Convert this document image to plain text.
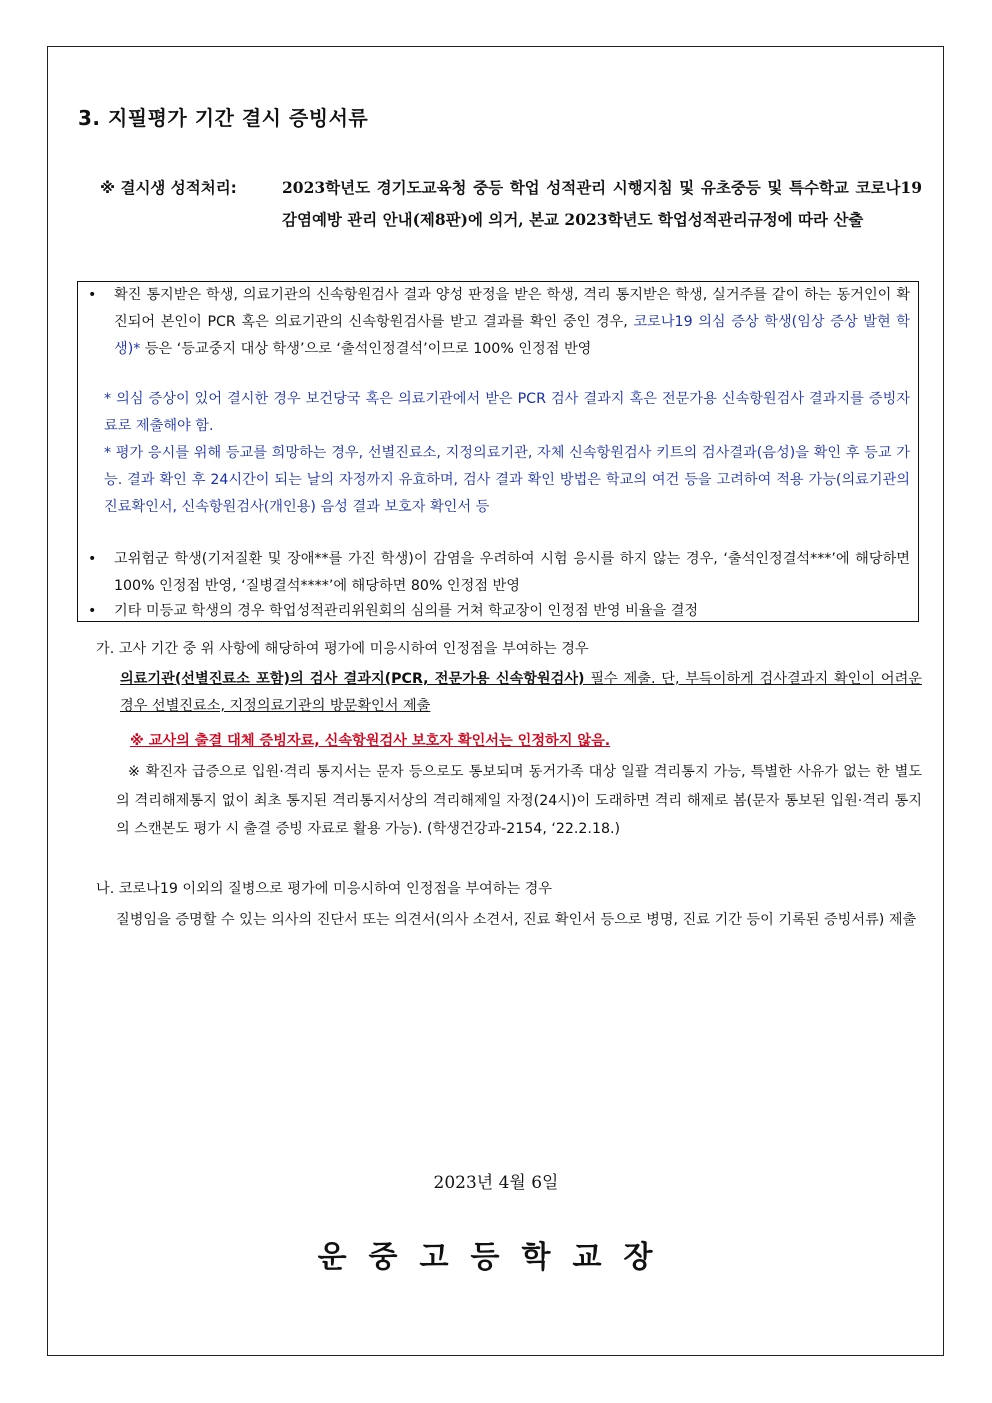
3. 지필평가 기간 결시 증빙서류
※ 결시생 성적처리:	2023학년도 경기도교육청 중등 학업 성적관리 시행지침 및 유초중등 및 특수학교 코로나19 감염예방 관리 안내(제8판)에 의거, 본교 2023학년도 학업성적관리규정에 따라 산출
• 확진 통지받은 학생, 의료기관의 신속항원검사 결과 양성 판정을 받은 학생, 격리 통지받은 학생, 실거주를 같이 하는 동거인이 확진되어 본인이 PCR 혹은 의료기관의 신속항원검사를 받고 결과를 확인 중인 경우, 코로나19 의심 증상 학생(임상 증상 발현 학생)* 등은 ‘등교중지 대상 학생’으로 ‘출석인정결석’이므로 100% 인정점 반영
* 의심 증상이 있어 결시한 경우 보건당국 혹은 의료기관에서 받은 PCR 검사 결과지 혹은 전문가용 신속항원검사 결과지를 증빙자료로 제출해야 함.
* 평가 응시를 위해 등교를 희망하는 경우, 선별진료소, 지정의료기관, 자체 신속항원검사 키트의 검사결과(음성)을 확인 후 등교 가능. 결과 확인 후 24시간이 되는 날의 자정까지 유효하며, 검사 결과 확인 방법은 학교의 여건 등을 고려하여 적용 가능(의료기관의 진료확인서, 신속항원검사(개인용) 음성 결과 보호자 확인서 등
• 고위험군 학생(기저질환 및 장애**를 가진 학생)이 감염을 우려하여 시험 응시를 하지 않는 경우, ‘출석인정결석***’에 해당하면 100% 인정점 반영, ‘질병결석****’에 해당하면 80% 인정점 반영
• 기타 미등교 학생의 경우 학업성적관리위원회의 심의를 거쳐 학교장이 인정점 반영 비율을 결정
가. 고사 기간 중 위 사항에 해당하여 평가에 미응시하여 인정점을 부여하는 경우
의료기관(선별진료소 포함)의 검사 결과지(PCR, 전문가용 신속항원검사) 필수 제출. 단, 부득이하게 검사결과지 확인이 어려운 경우 선별진료소, 지정의료기관의 방문확인서 제출
※ 교사의 출결 대체 증빙자료, 신속항원검사 보호자 확인서는 인정하지 않음.
※ 확진자 급증으로 입원·격리 통지서는 문자 등으로도 통보되며 동거가족 대상 일괄 격리통지 가능, 특별한 사유가 없는 한 별도의 격리해제통지 없이 최초 통지된 격리통지서상의 격리해제일 자정(24시)이 도래하면 격리 해제로 봄(문자 통보된 입원·격리 통지의 스캔본도 평가 시 출결 증빙 자료로 활용 가능). (학생건강과-2154, ‘22.2.18.)
나. 코로나19 이외의 질병으로 평가에 미응시하여 인정점을 부여하는 경우
질병임을 증명할 수 있는 의사의 진단서 또는 의견서(의사 소견서, 진료 확인서 등으로 병명, 진료 기간 등이 기록된 증빙서류) 제출
2023년 4월 6일
운중고등학교장
